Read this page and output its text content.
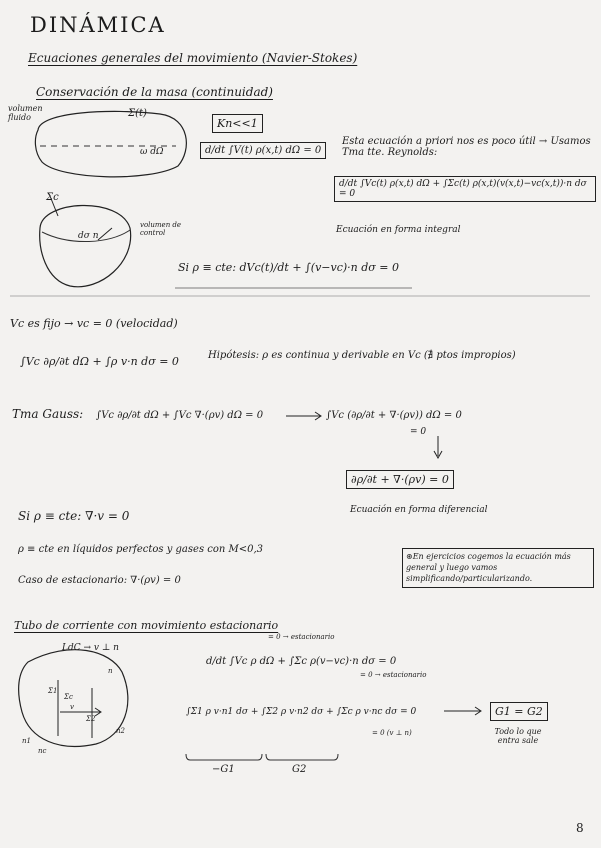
DINÁMICA
Ecuaciones generales del movimiento (Navier-Stokes)
Conservación de la masa (continuidad)
volumen fluido	Σ(t)
ω dΩ
Σc
dσ n
volumen de control
Kn<<1
d/dt ∫V(t) ρ(x,t) dΩ = 0
Esta ecuación a priori nos es poco útil → Usamos Tma tte. Reynolds:
d/dt ∫Vc(t) ρ(x,t) dΩ + ∫Σc(t) ρ(x,t)(v(x,t)−vc(x,t))·n dσ = 0
Ecuación en forma integral
Si ρ ≡ cte: dVc(t)/dt + ∫(v−vc)·n dσ = 0
Vc es fijo → vc = 0 (velocidad)
∫Vc ∂ρ/∂t dΩ + ∫ρ v·n dσ = 0	Hipótesis: ρ es continua y derivable en Vc (∄ ptos impropios)
Tma Gauss: ∫Vc ∂ρ/∂t dΩ + ∫Vc ∇·(ρv) dΩ = 0	∫Vc (∂ρ/∂t + ∇·(ρv)) dΩ = 0
= 0
∂ρ/∂t + ∇·(ρv) = 0
Ecuación en forma diferencial
Si ρ ≡ cte: ∇·v = 0
ρ ≡ cte en líquidos perfectos y gases con M<0,3
Caso de estacionario: ∇·(ρv) = 0
⊛En ejercicios cogemos la ecuación más general y luego vamos simplificando/particularizando.
Tubo de corriente con movimiento estacionario
LdC → v ⊥ n
d/dt ∫Vc ρ dΩ + ∫Σc ρ(v−vc)·n dσ = 0
= 0 → estacionario
= 0 → estacionario
∫Σ1 ρ v·n1 dσ + ∫Σ2 ρ v·n2 dσ + ∫Σc ρ v·nc dσ = 0
= 0 (v ⊥ n)
−G1	G2
G1 = G2
Todo lo que entra sale
n
Σ1
Σc
v
Σ2
n2
nc
n1
8
